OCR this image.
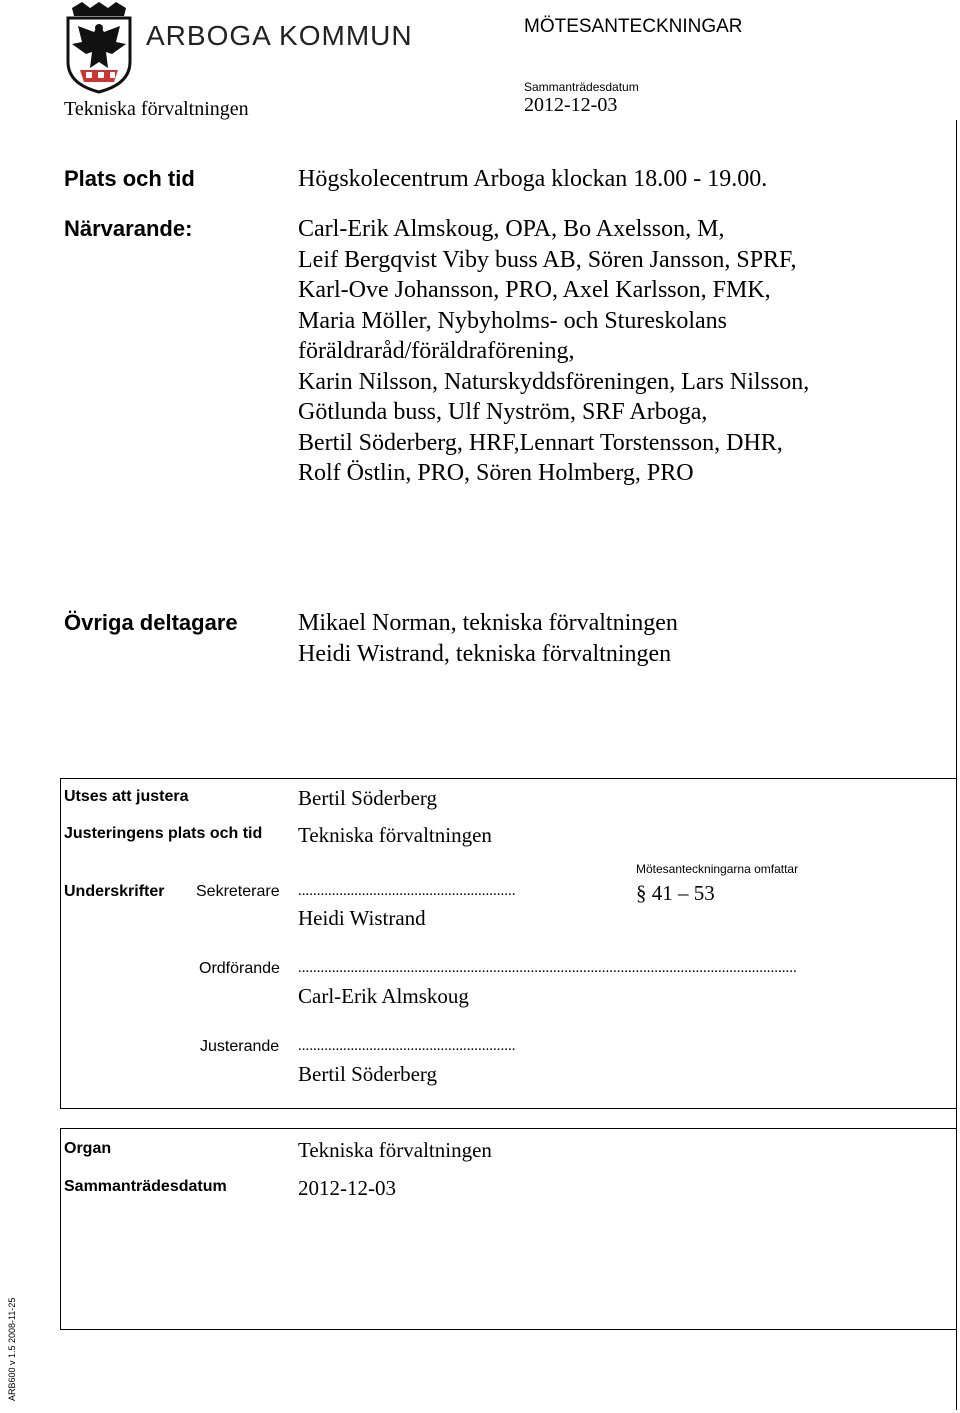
ARBOGA KOMMUN	MÖTESANTECKNINGAR
Tekniska förvaltningen
Sammanträdesdatum
2012-12-03
Plats och tid	Högskolecentrum Arboga klockan 18.00 - 19.00.
Närvarande:	Carl-Erik Almskoug, OPA, Bo Axelsson, M,
Leif Bergqvist Viby buss AB, Sören Jansson, SPRF,
Karl-Ove Johansson, PRO, Axel Karlsson, FMK,
Maria Möller, Nybyholms- och Stureskolans
föräldraråd/föräldraförening,
Karin Nilsson, Naturskyddsföreningen, Lars Nilsson,
Götlunda buss, Ulf Nyström, SRF Arboga,
Bertil Söderberg, HRF,Lennart Torstensson, DHR,
Rolf Östlin, PRO, Sören Holmberg, PRO
Övriga deltagare	Mikael Norman, tekniska förvaltningen
Heidi Wistrand, tekniska förvaltningen
Utses att justera	Bertil Söderberg
Justeringens plats och tid Tekniska förvaltningen
Mötesanteckningarna omfattar
§ 41 – 53
Underskrifter Sekreterare ..........................................................
Heidi Wistrand
Ordförande .....................................................................................................................................
Carl-Erik Almskoug
Justerande ..........................................................
Bertil Söderberg
Organ	Tekniska förvaltningen
Sammanträdesdatum	2012-12-03
ARB600 v 1.5 2008-11-25
